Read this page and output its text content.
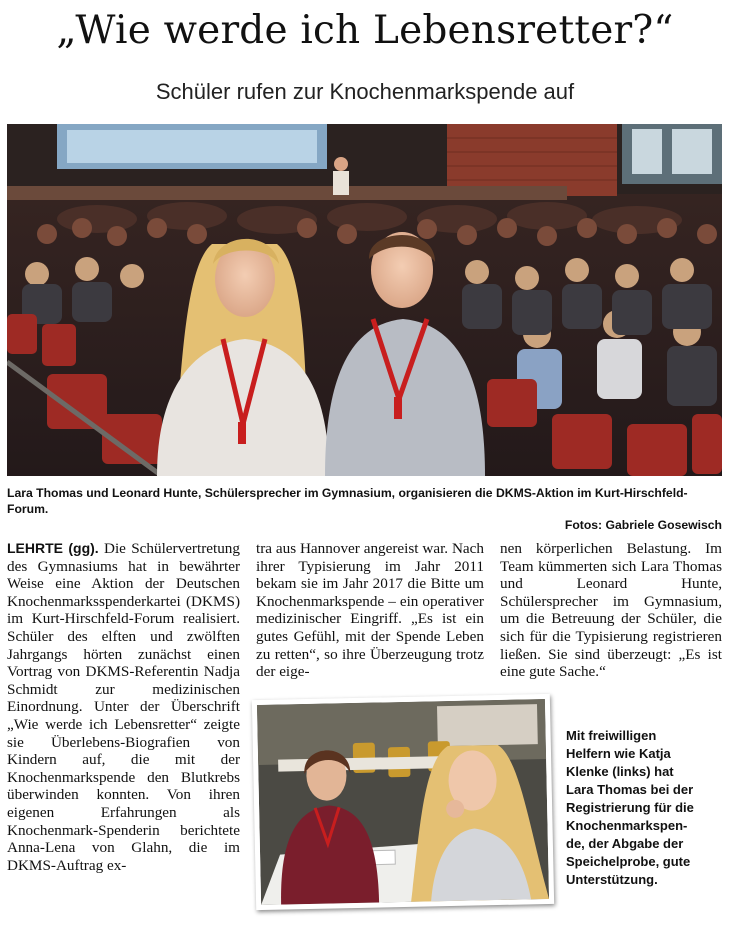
„Wie werde ich Lebensretter?“
Schüler rufen zur Knochenmarkspende auf
Lara Thomas und Leonard Hunte, Schülersprecher im Gymnasium, organisieren die DKMS-Aktion im Kurt-Hirschfeld-Forum.
Fotos: Gabriele Gosewisch

LEHRTE (gg). Die Schülervertretung des Gymnasiums hat in bewährter Weise eine Aktion der Deutschen Knochenmarksspenderkartei (DKMS) im Kurt-Hirschfeld-Forum realisiert. Schüler des elften und zwölften Jahrgangs hörten zunächst einen Vortrag von DKMS-Referentin Nadja Schmidt zur medizinischen Einordnung. Unter der Überschrift „Wie werde ich Lebensretter“ zeigte sie Überlebens-Biografien von Kindern auf, die mit der Knochenmarkspende den Blutkrebs überwinden konnten. Von ihren eigenen Erfahrungen als Knochenmark-Spenderin berichtete Anna-Lena von Glahn, die im DKMS-Auftrag ex-

tra aus Hannover angereist war. Nach ihrer Typisierung im Jahr 2011 bekam sie im Jahr 2017 die Bitte um Knochenmarkspende – ein operativer medizinischer Eingriff. „Es ist ein gutes Gefühl, mit der Spende Leben zu retten“, so ihre Überzeugung trotz der eige-

nen körperlichen Belastung. Im Team kümmerten sich Lara Thomas und Leonard Hunte, Schülersprecher im Gymnasium, um die Betreuung der Schüler, die sich für die Typisierung registrieren ließen. Sie sind überzeugt: „Es ist eine gute Sache.“

Mit freiwilligen
Helfern wie Katja
Klenke (links) hat
Lara Thomas bei der
Registrierung für die
Knochenmarkspen-
de, der Abgabe der
Speichelprobe, gute
Unterstützung.
